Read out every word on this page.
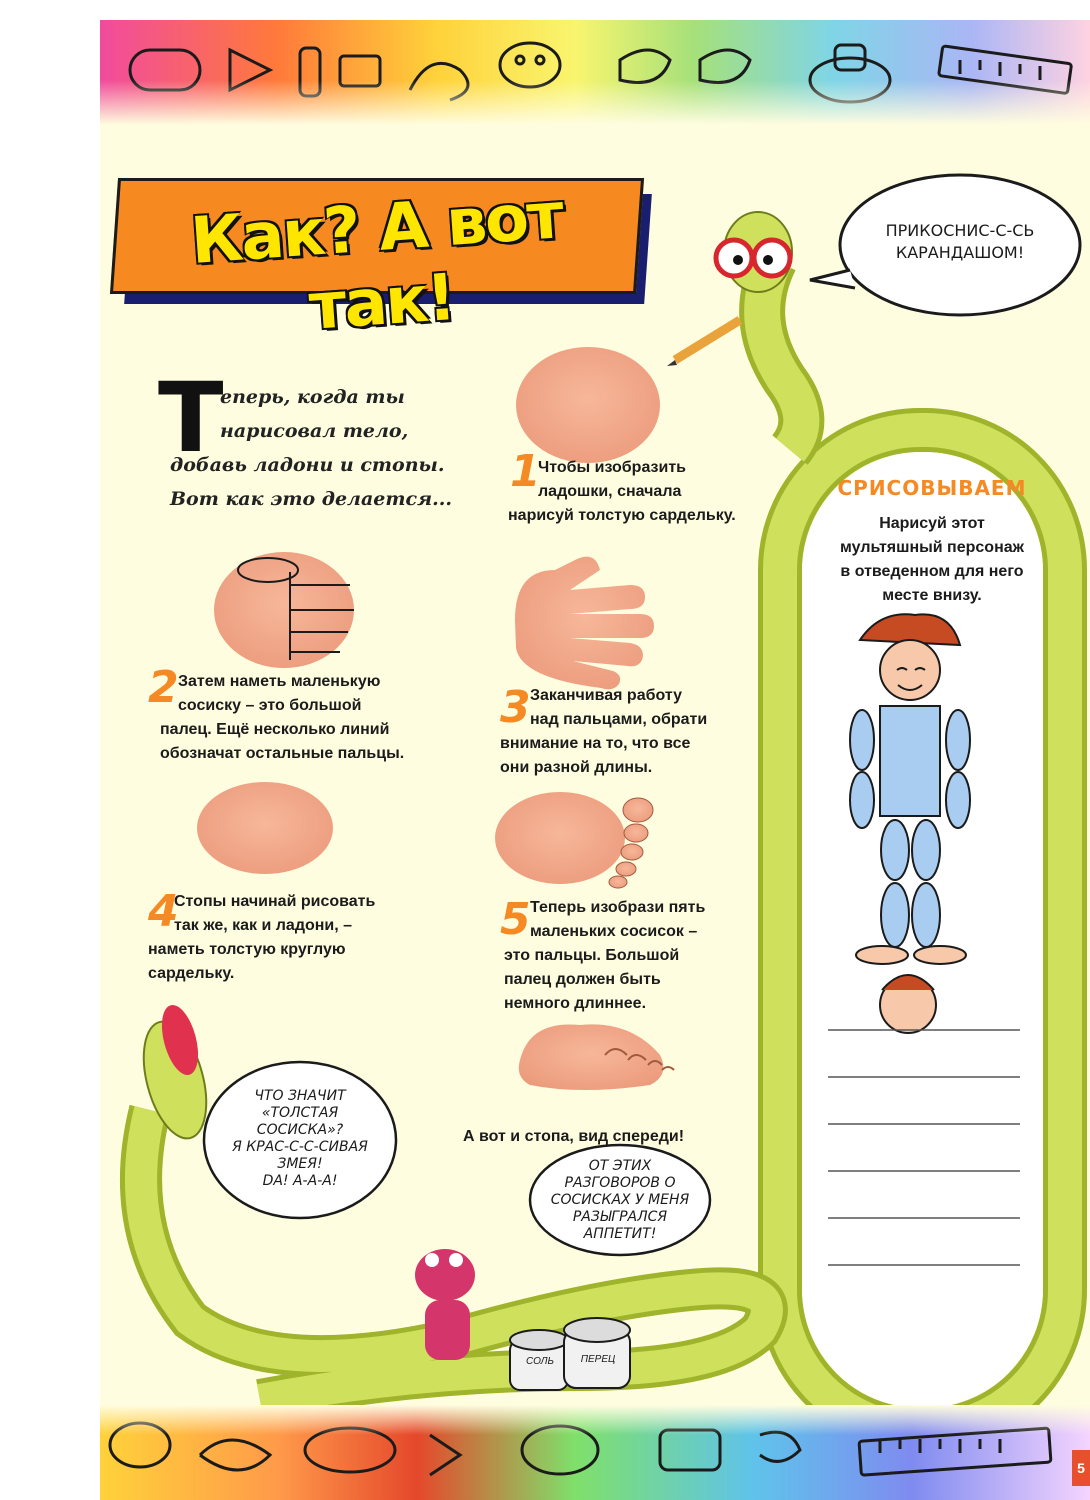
Как? А вот так!
Т
еперь, когда ты
нарисовал тело,
добавь ладони и стопы.
Вот как это делается...
1
Чтобы изобразить
ладошки, сначала
нарисуй толстую сардельку.
2 Затем наметь маленькую
сосиску – это большой
палец. Ещё несколько линий
обозначат остальные пальцы.
3 Заканчивая работу
над пальцами, обрати
внимание на то, что все
они разной длины.
4
Стопы начинай рисовать
так же, как и ладони, –
наметь толстую круглую
сардельку.
5 Теперь изобрази пять
маленьких сосисок –
это пальцы. Большой
палец должен быть
немного длиннее.
А вот и стопа, вид спереди!
СРИСОВЫВАЕМ
Нарисуй этот
мультяшный персонаж
в отведенном для него
месте внизу.
ПРИКОСНИС-С-СЬ
КАРАНДАШОМ!
ЧТО ЗНАЧИТ
«ТОЛСТАЯ
СОСИСКА»?
Я КРАС-С-С-СИВАЯ
ЗМЕЯ!
DA! A-A-A!
ОТ ЭТИХ
РАЗГОВОРОВ О
СОСИСКАХ У МЕНЯ
РАЗЫГРАЛСЯ
АППЕТИТ!
СОЛЬ	ПЕРЕЦ
5
